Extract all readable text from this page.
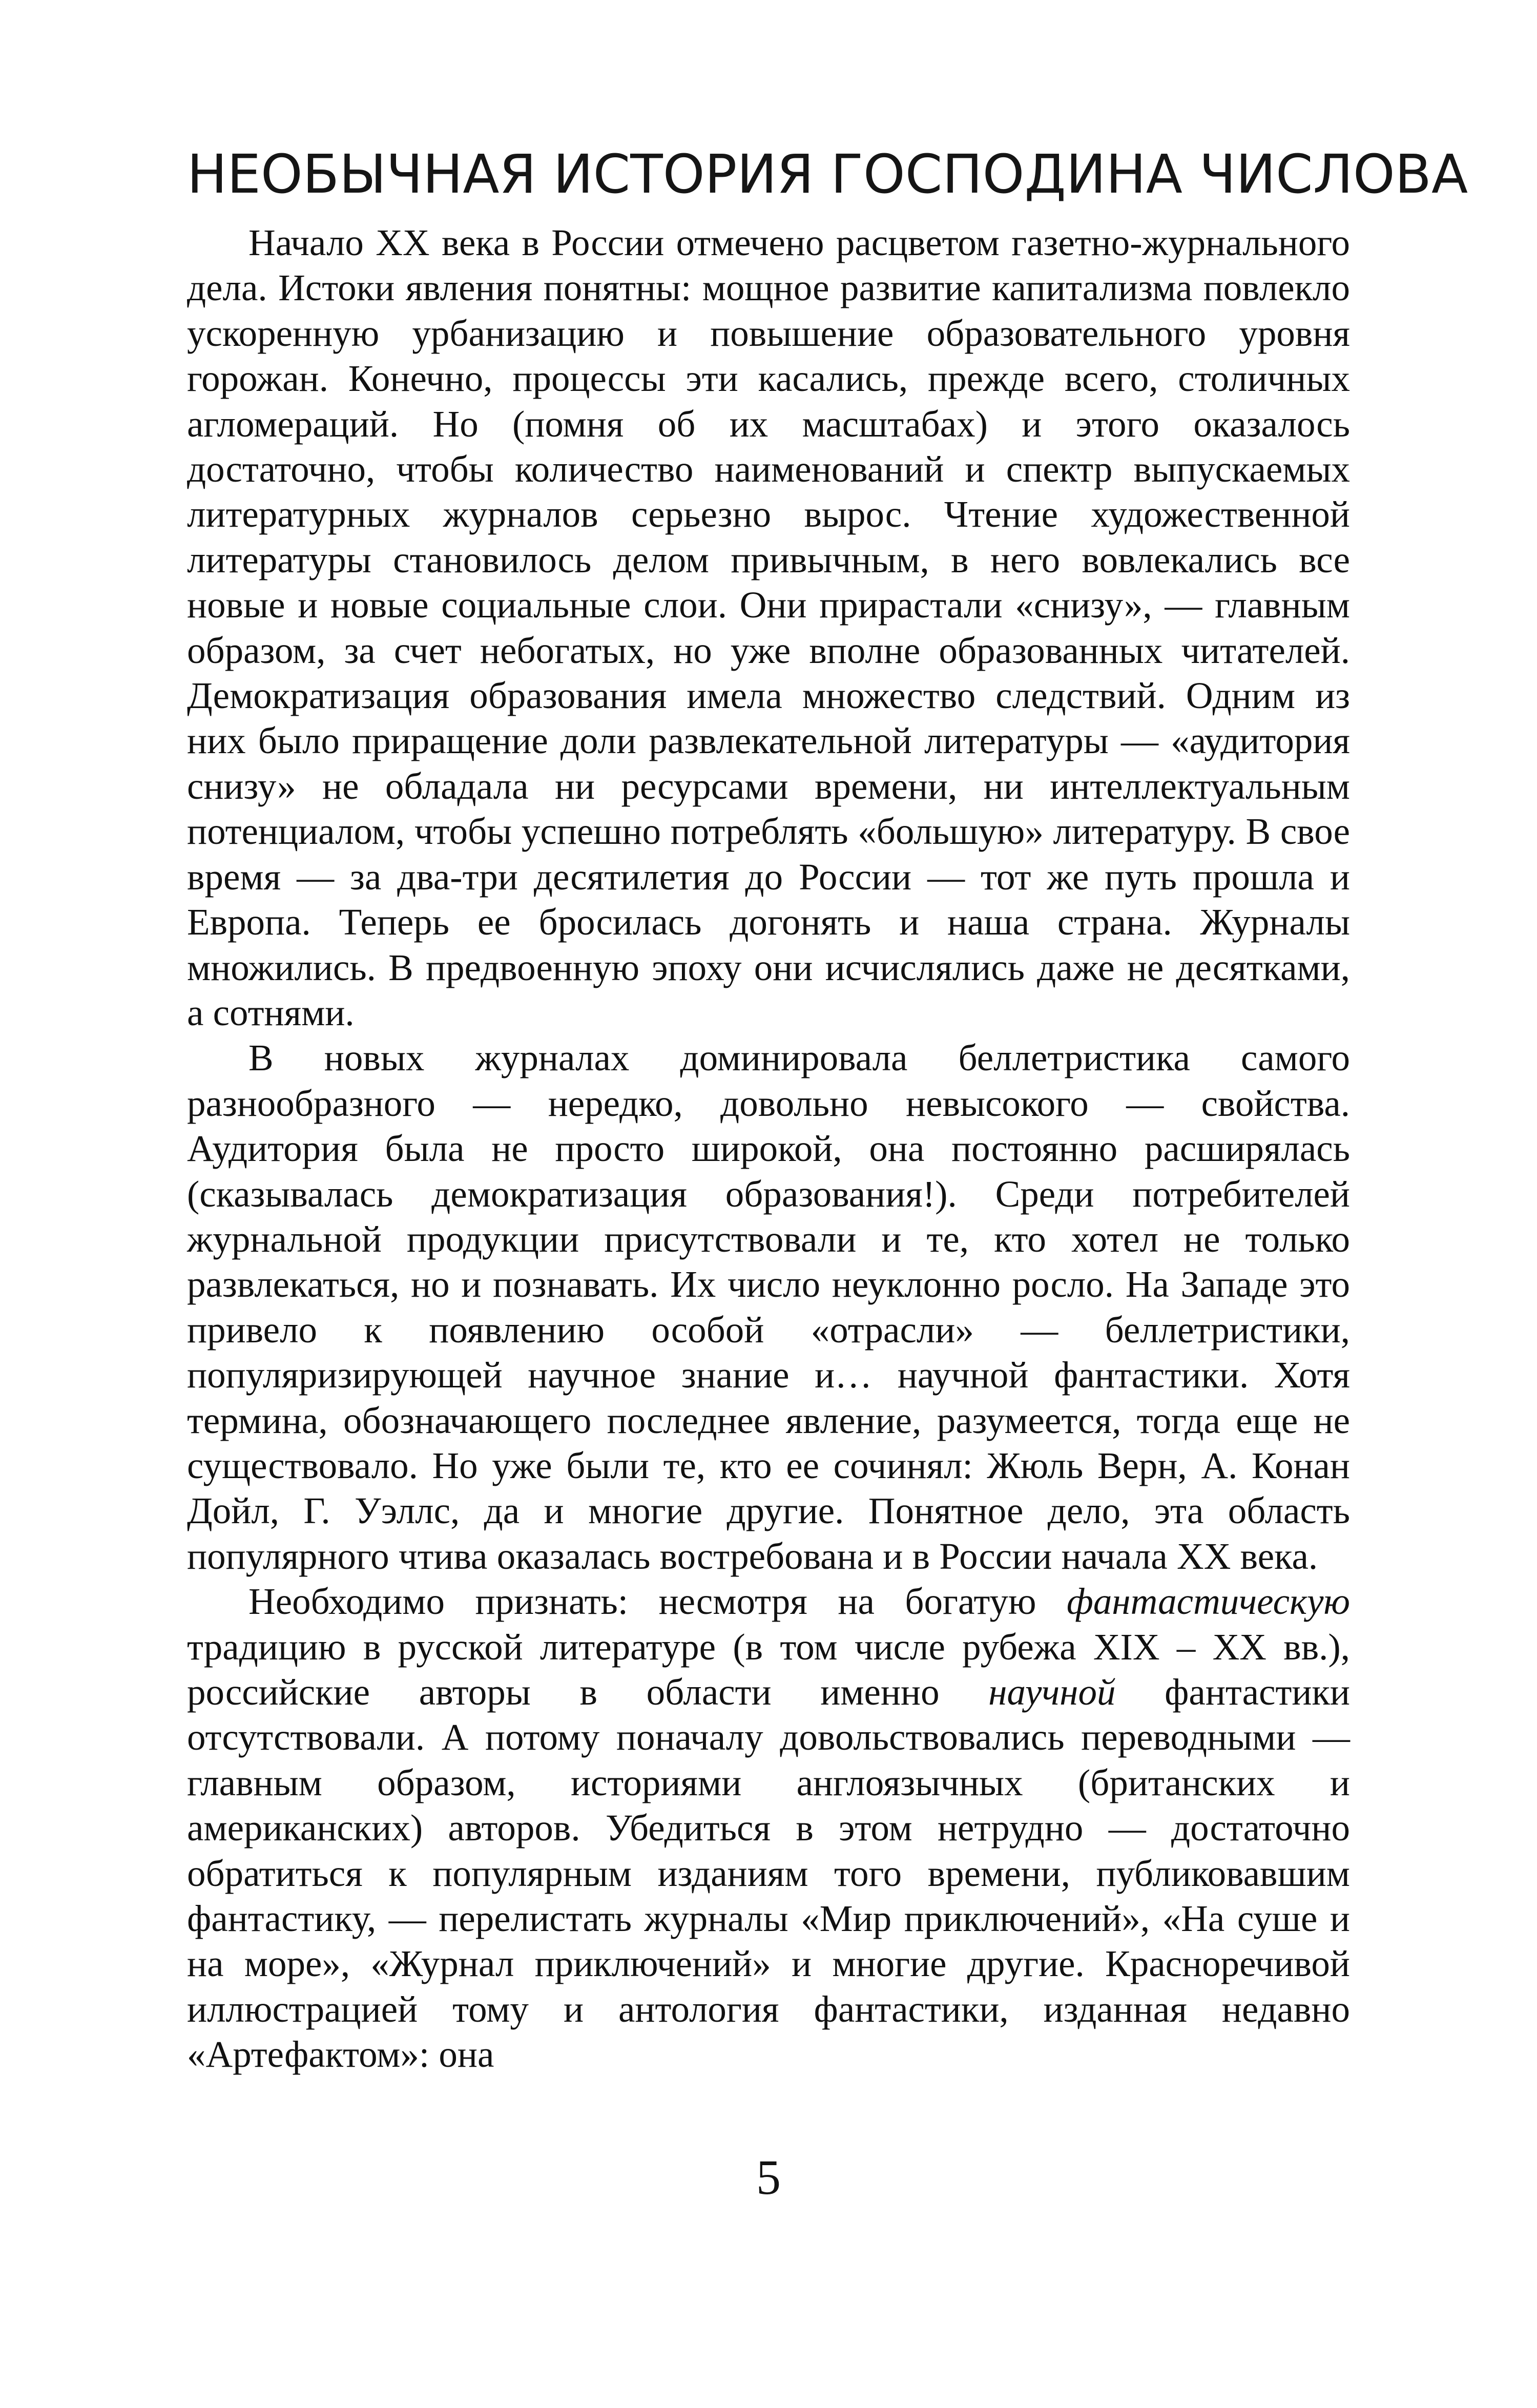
НЕОБЫЧНАЯ ИСТОРИЯ ГОСПОДИНА ЧИСЛОВА

Начало XX века в России отмечено расцветом газетно-журнального дела. Истоки явления понятны: мощное развитие капитализма повлекло ускоренную урбанизацию и повышение образовательного уровня горожан. Конечно, процессы эти касались, прежде всего, столичных агломераций. Но (помня об их масштабах) и этого оказалось достаточно, чтобы количество наименований и спектр выпускаемых литературных журналов серьезно вырос. Чтение художественной литературы становилось делом привычным, в него вовлекались все новые и новые социальные слои. Они прирастали «снизу», — главным образом, за счет небогатых, но уже вполне образованных читателей. Демократизация образования имела множество следствий. Одним из них было приращение доли развлекательной литературы — «аудитория снизу» не обладала ни ресурсами времени, ни интеллектуальным потенциалом, чтобы успешно потреблять «большую» литературу. В свое время — за два-три десятилетия до России — тот же путь прошла и Европа. Теперь ее бросилась догонять и наша страна. Журналы множились. В предвоенную эпоху они исчислялись даже не десятками, а сотнями.

В новых журналах доминировала беллетристика самого разнообразного — нередко, довольно невысокого — свойства. Аудитория была не просто широкой, она постоянно расширялась (сказывалась демократизация образования!). Среди потребителей журнальной продукции присутствовали и те, кто хотел не только развлекаться, но и познавать. Их число неуклонно росло. На Западе это привело к появлению особой «отрасли» — беллетристики, популяризирующей научное знание и… научной фантастики. Хотя термина, обозначающего последнее явление, разумеется, тогда еще не существовало. Но уже были те, кто ее сочинял: Жюль Верн, А. Конан Дойл, Г. Уэллс, да и многие другие. Понятное дело, эта область популярного чтива оказалась востребована и в России начала XX века.

Необходимо признать: несмотря на богатую фантастическую традицию в русской литературе (в том числе рубежа XIX – XX вв.), российские авторы в области именно научной фантастики отсутствовали. А потому поначалу довольствовались переводными — главным образом, историями англоязычных (британских и американских) авторов. Убедиться в этом нетрудно — достаточно обратиться к популярным изданиям того времени, публиковавшим фантастику, — перелистать журналы «Мир приключений», «На суше и на море», «Журнал приключений» и многие другие. Красноречивой иллюстрацией тому и антология фантастики, изданная недавно «Артефактом»: она

5
